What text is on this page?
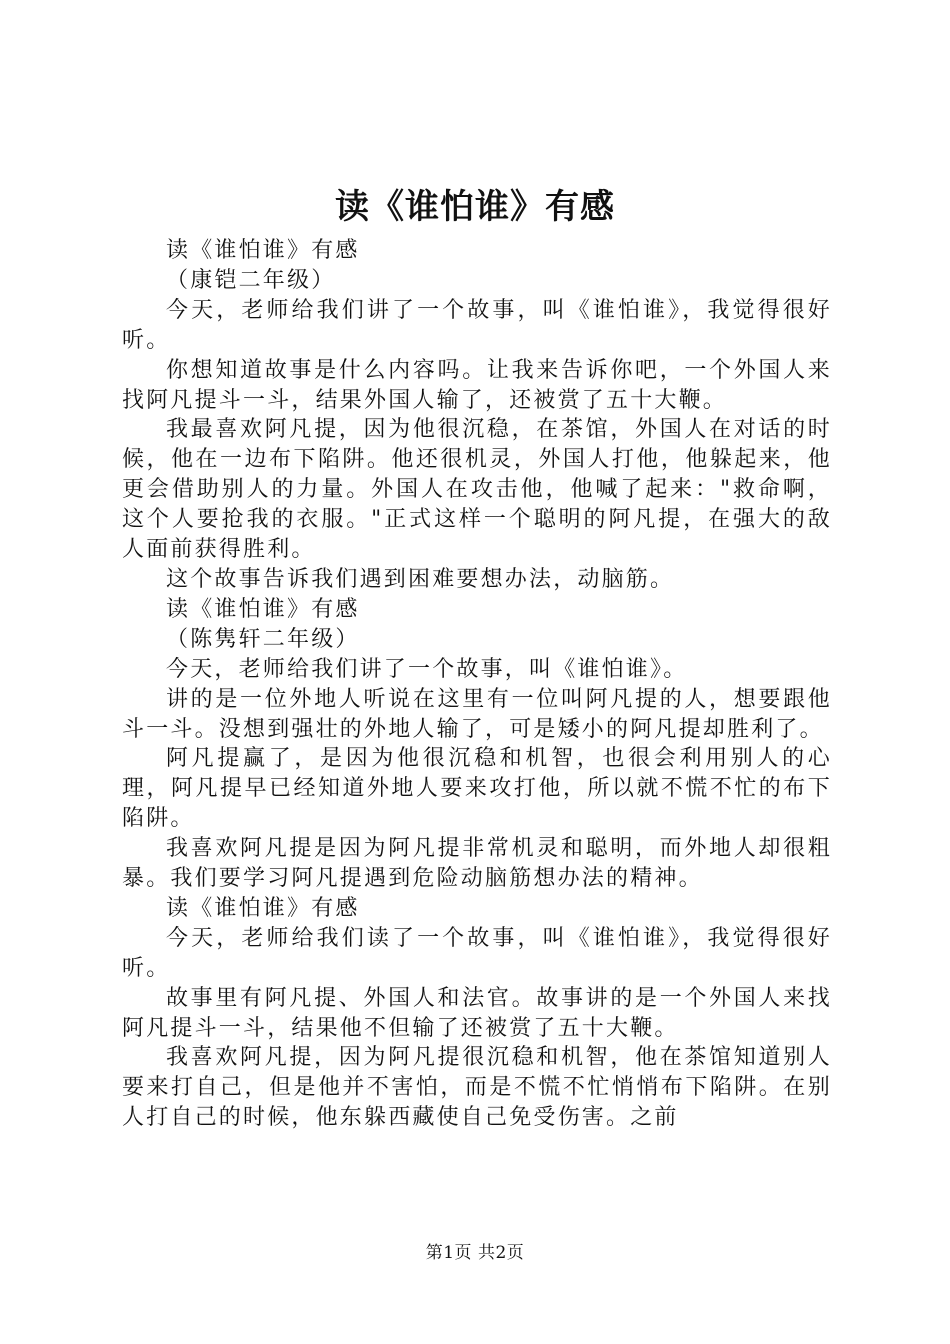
读《谁怕谁》有感

读《谁怕谁》有感

（康铠二年级）

今天，老师给我们讲了一个故事，叫《谁怕谁》，我觉得很好听。

你想知道故事是什么内容吗。让我来告诉你吧，一个外国人来找阿凡提斗一斗，结果外国人输了，还被赏了五十大鞭。

我最喜欢阿凡提，因为他很沉稳，在茶馆，外国人在对话的时候，他在一边布下陷阱。他还很机灵，外国人打他，他躲起来，他更会借助别人的力量。外国人在攻击他，他喊了起来："救命啊，这个人要抢我的衣服。"正式这样一个聪明的阿凡提，在强大的敌人面前获得胜利。

这个故事告诉我们遇到困难要想办法，动脑筋。

读《谁怕谁》有感

（陈隽轩二年级）

今天，老师给我们讲了一个故事，叫《谁怕谁》。

讲的是一位外地人听说在这里有一位叫阿凡提的人，想要跟他斗一斗。没想到强壮的外地人输了，可是矮小的阿凡提却胜利了。

阿凡提赢了，是因为他很沉稳和机智，也很会利用别人的心理，阿凡提早已经知道外地人要来攻打他，所以就不慌不忙的布下陷阱。

我喜欢阿凡提是因为阿凡提非常机灵和聪明，而外地人却很粗暴。我们要学习阿凡提遇到危险动脑筋想办法的精神。

读《谁怕谁》有感

今天，老师给我们读了一个故事，叫《谁怕谁》，我觉得很好听。

故事里有阿凡提、外国人和法官。故事讲的是一个外国人来找阿凡提斗一斗，结果他不但输了还被赏了五十大鞭。

我喜欢阿凡提，因为阿凡提很沉稳和机智，他在茶馆知道别人要来打自己，但是他并不害怕，而是不慌不忙悄悄布下陷阱。在别人打自己的时候，他东躲西藏使自己免受伤害。之前

第1页 共2页
